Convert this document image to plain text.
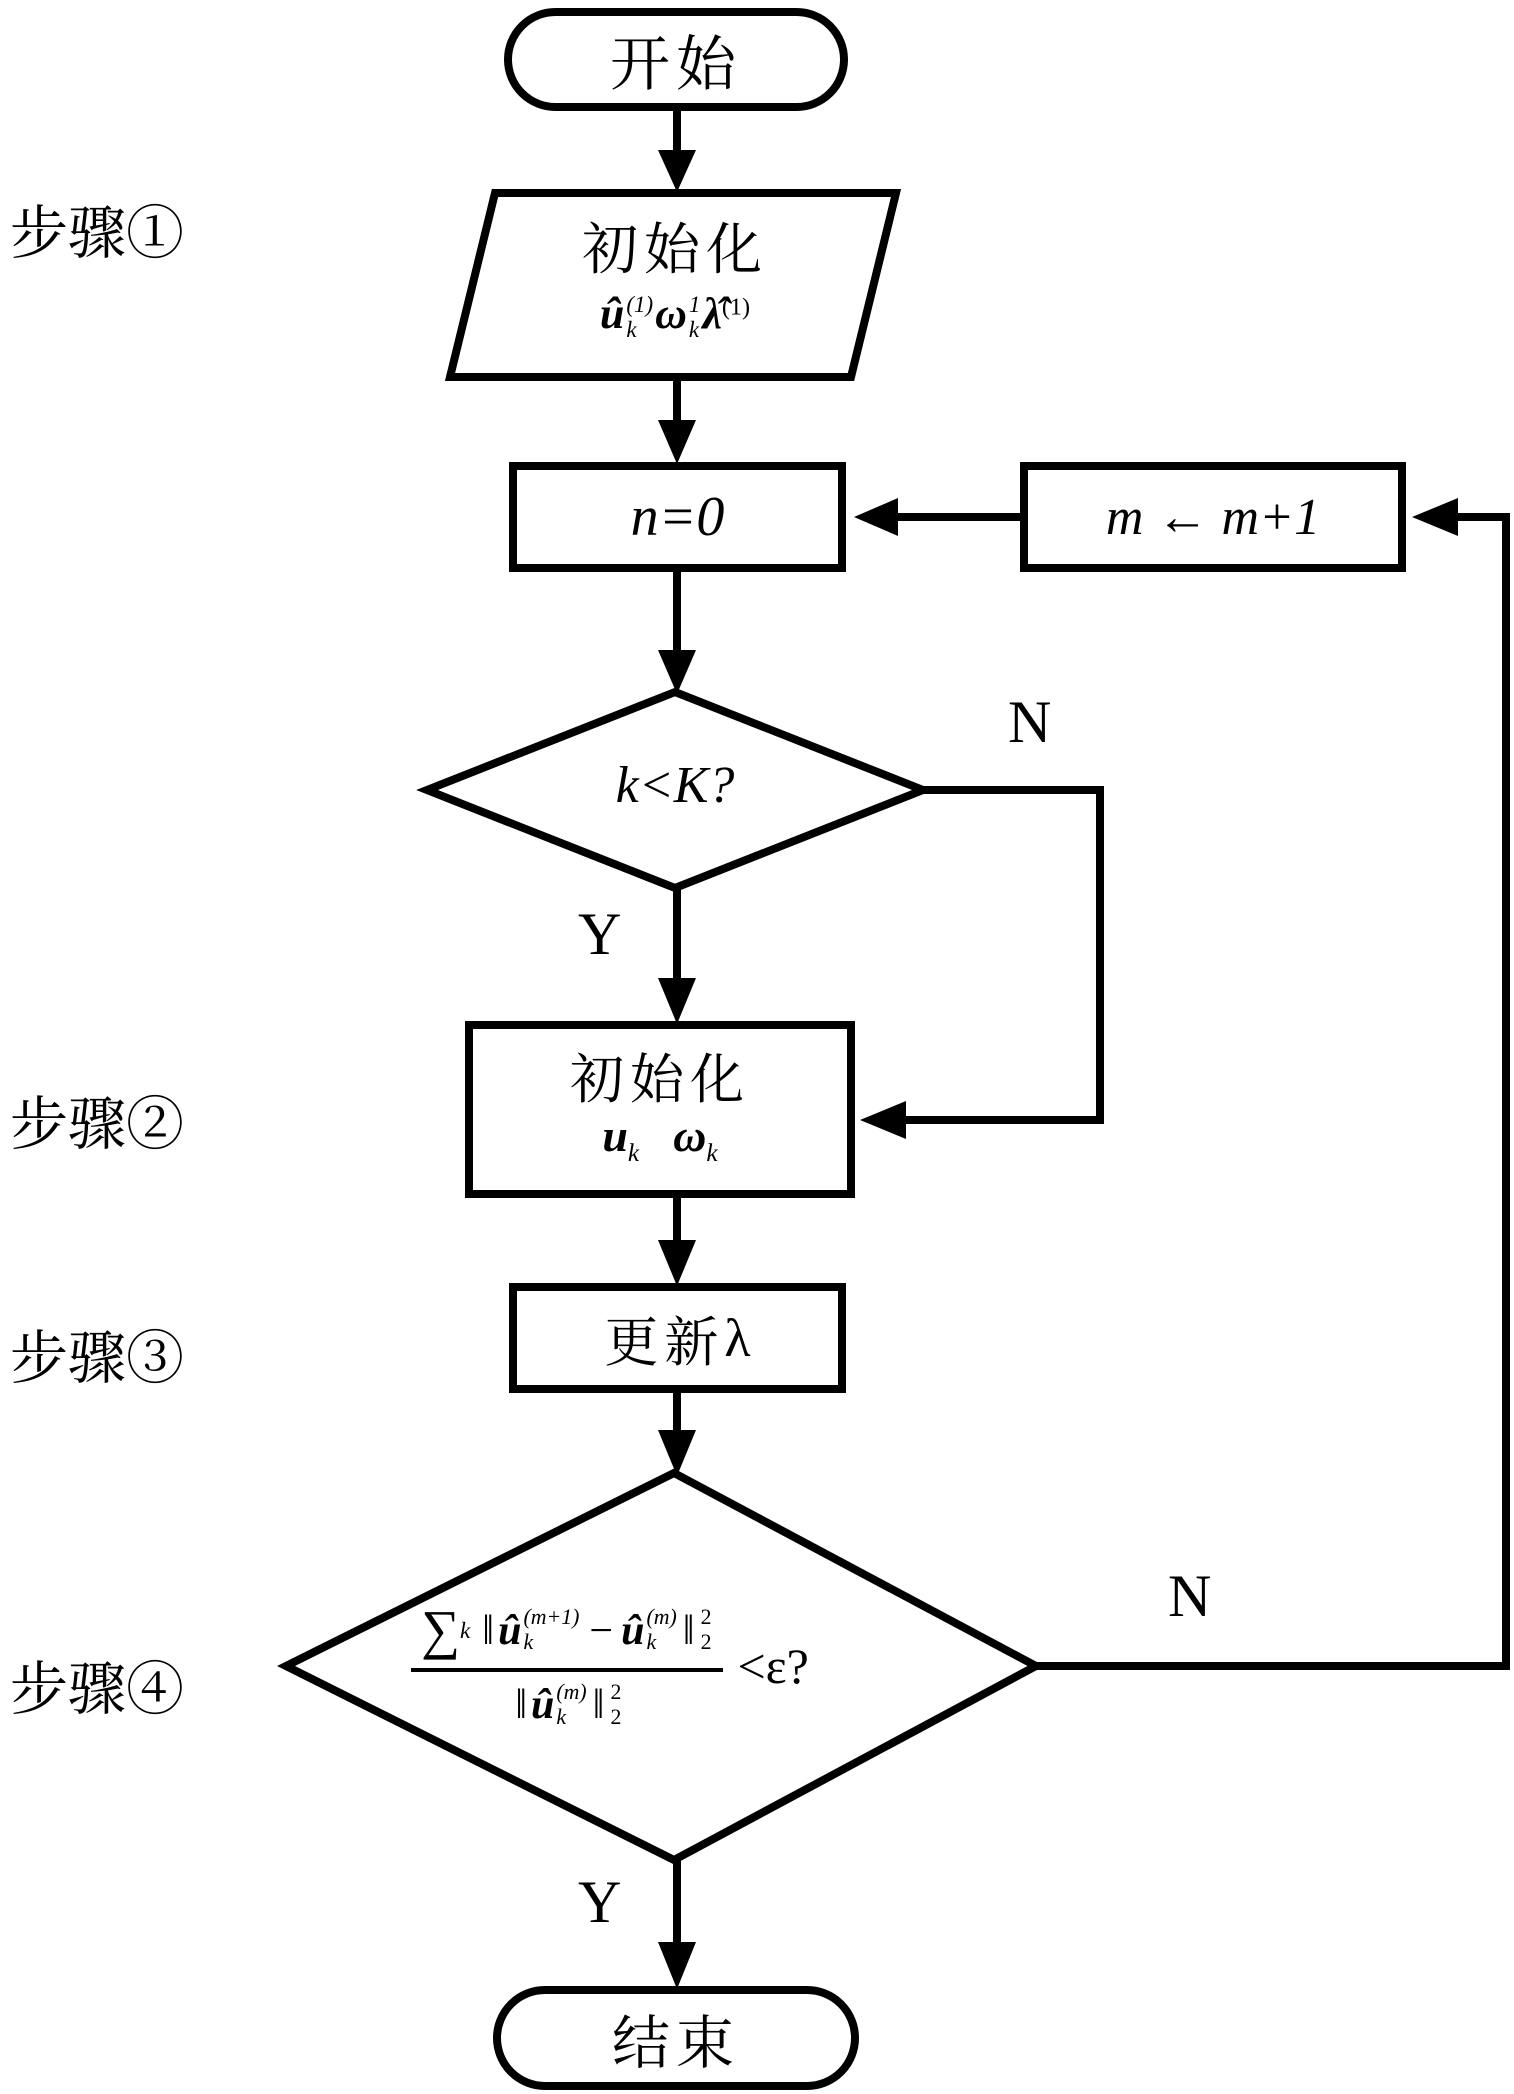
步骤①
步骤②
步骤③
步骤④
开始
初始化
û (1)
k ω 1
k λ̂$^{(1)}$
n=0	m ← m+1
k<K?
Y
N
N
Y
初始化
$u_k$ $\omega_k$
更新 λ
∑ k ‖ û (m+1)
k − û (m)
k ‖ 2
2
‖ û (m)
k ‖ 2
2
<ε?
结束
